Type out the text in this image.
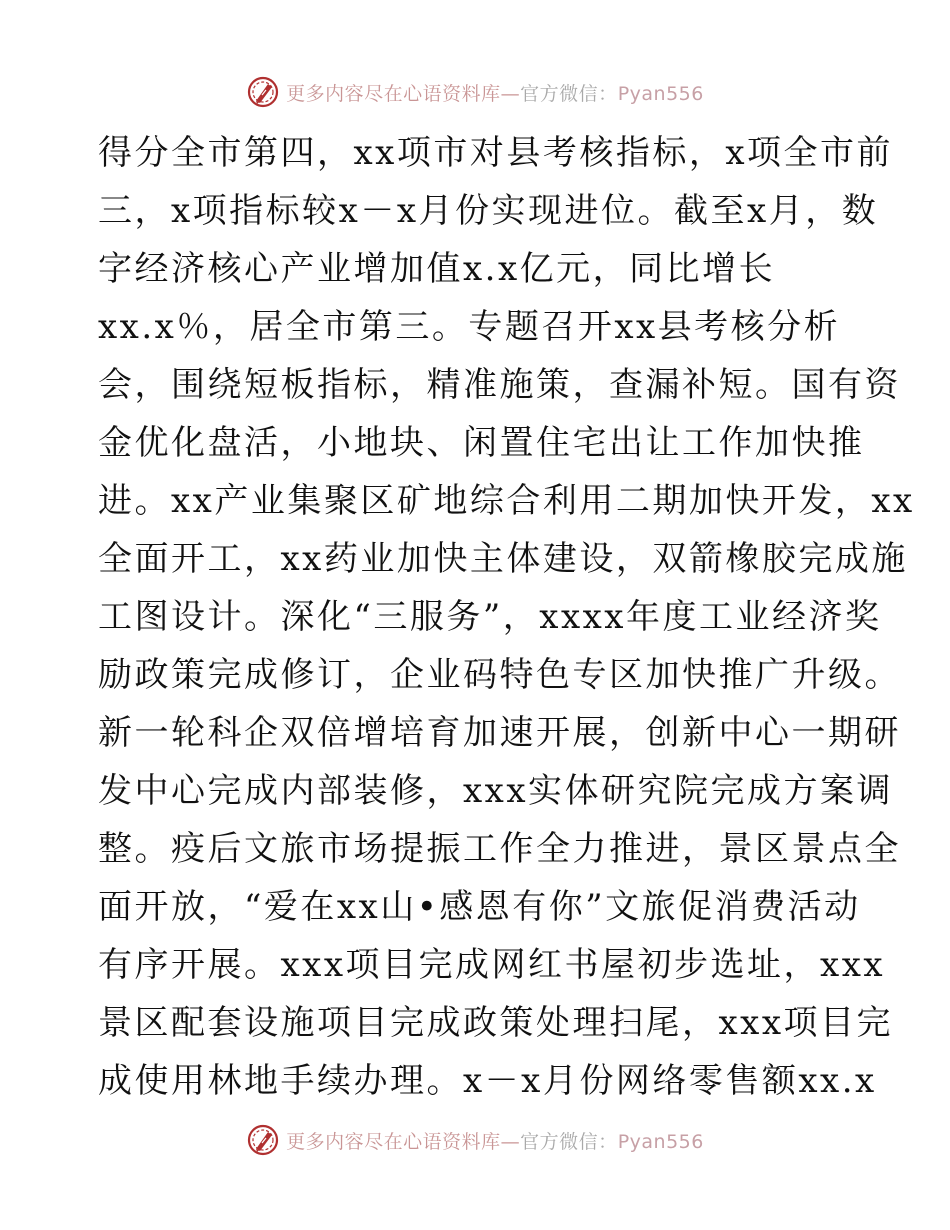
更多内容尽在心语资料库—官方微信：Pyan556
得分全市第四，xx项市对县考核指标，x项全市前
三，x项指标较x－x月份实现进位。截至x月，数
字经济核心产业增加值x.x亿元，同比增长
xx.x％，居全市第三。专题召开xx县考核分析
会，围绕短板指标，精准施策，查漏补短。国有资
金优化盘活，小地块、闲置住宅出让工作加快推
进。xx产业集聚区矿地综合利用二期加快开发，xx
全面开工，xx药业加快主体建设，双箭橡胶完成施
工图设计。深化“三服务”，xxxx年度工业经济奖
励政策完成修订，企业码特色专区加快推广升级。
新一轮科企双倍增培育加速开展，创新中心一期研
发中心完成内部装修，xxx实体研究院完成方案调
整。疫后文旅市场提振工作全力推进，景区景点全
面开放，“爱在xx山•感恩有你”文旅促消费活动
有序开展。xxx项目完成网红书屋初步选址，xxx
景区配套设施项目完成政策处理扫尾，xxx项目完
成使用林地手续办理。x－x月份网络零售额xx.x
更多内容尽在心语资料库—官方微信：Pyan556
